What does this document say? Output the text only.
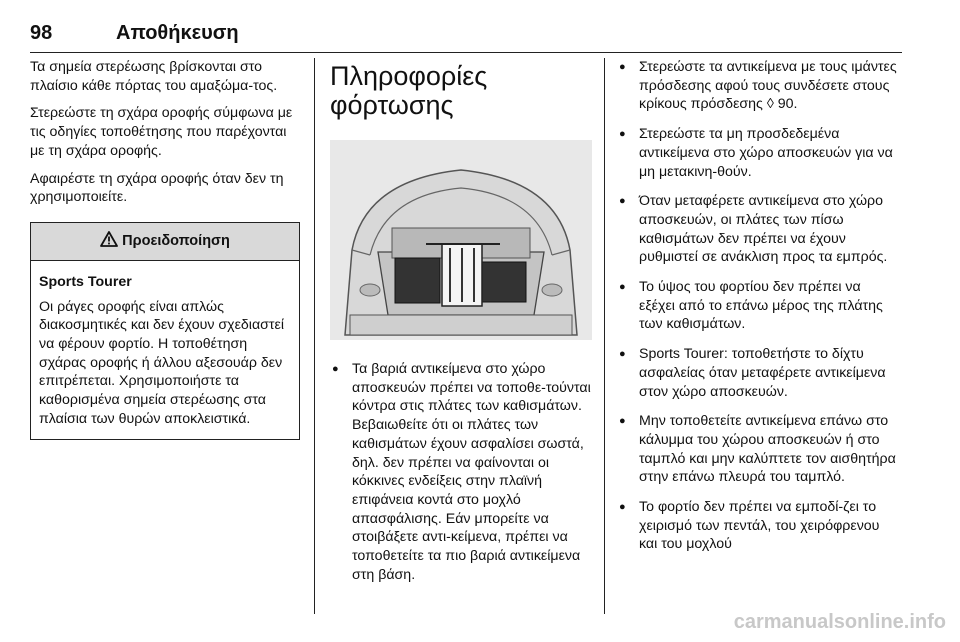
98	Αποθήκευση

Τα σημεία στερέωσης βρίσκονται στο πλαίσιο κάθε πόρτας του αμαξώμα-τος.

Στερεώστε τη σχάρα οροφής σύμφωνα με τις οδηγίες τοποθέτησης που παρέχονται με τη σχάρα οροφής.

Αφαιρέστε τη σχάρα οροφής όταν δεν τη χρησιμοποιείτε.

Προειδοποίηση
Sports Tourer
Οι ράγες οροφής είναι απλώς διακοσμητικές και δεν έχουν σχεδιαστεί να φέρουν φορτίο. Η τοποθέτηση σχάρας οροφής ή άλλου αξεσουάρ δεν επιτρέπεται. Χρησιμοποιήστε τα καθορισμένα σημεία στερέωσης στα πλαίσια των θυρών αποκλειστικά.
Πληροφορίες φόρτωσης
● Τα βαριά αντικείμενα στο χώρο αποσκευών πρέπει να τοποθε-τούνται κόντρα στις πλάτες των καθισμάτων. Βεβαιωθείτε ότι οι πλάτες των καθισμάτων έχουν ασφαλίσει σωστά, δηλ. δεν πρέπει να φαίνονται οι κόκκινες ενδείξεις στην πλαϊνή επιφάνεια κοντά στο μοχλό απασφάλισης. Εάν μπορείτε να στοιβάξετε αντι-κείμενα, πρέπει να τοποθετείτε τα πιο βαριά αντικείμενα στη βάση.
● Στερεώστε τα αντικείμενα με τους ιμάντες πρόσδεσης αφού τους συνδέσετε στους κρίκους πρόσδεσης ◊ 90.
● Στερεώστε τα μη προσδεδεμένα αντικείμενα στο χώρο αποσκευών για να μη μετακινη-θούν.
● Όταν μεταφέρετε αντικείμενα στο χώρο αποσκευών, οι πλάτες των πίσω καθισμάτων δεν πρέπει να έχουν ρυθμιστεί σε ανάκλιση προς τα εμπρός.
● Το ύψος του φορτίου δεν πρέπει να εξέχει από το επάνω μέρος της πλάτης των καθισμάτων.
● Sports Tourer: τοποθετήστε το δίχτυ ασφαλείας όταν μεταφέρετε αντικείμενα στον χώρο αποσκευών.
● Μην τοποθετείτε αντικείμενα επάνω στο κάλυμμα του χώρου αποσκευών ή στο ταμπλό και μην καλύπτετε τον αισθητήρα στην επάνω πλευρά του ταμπλό.
● Το φορτίο δεν πρέπει να εμποδί-ζει το χειρισμό των πεντάλ, του χειρόφρενου και του μοχλού
carmanualsonline.info
